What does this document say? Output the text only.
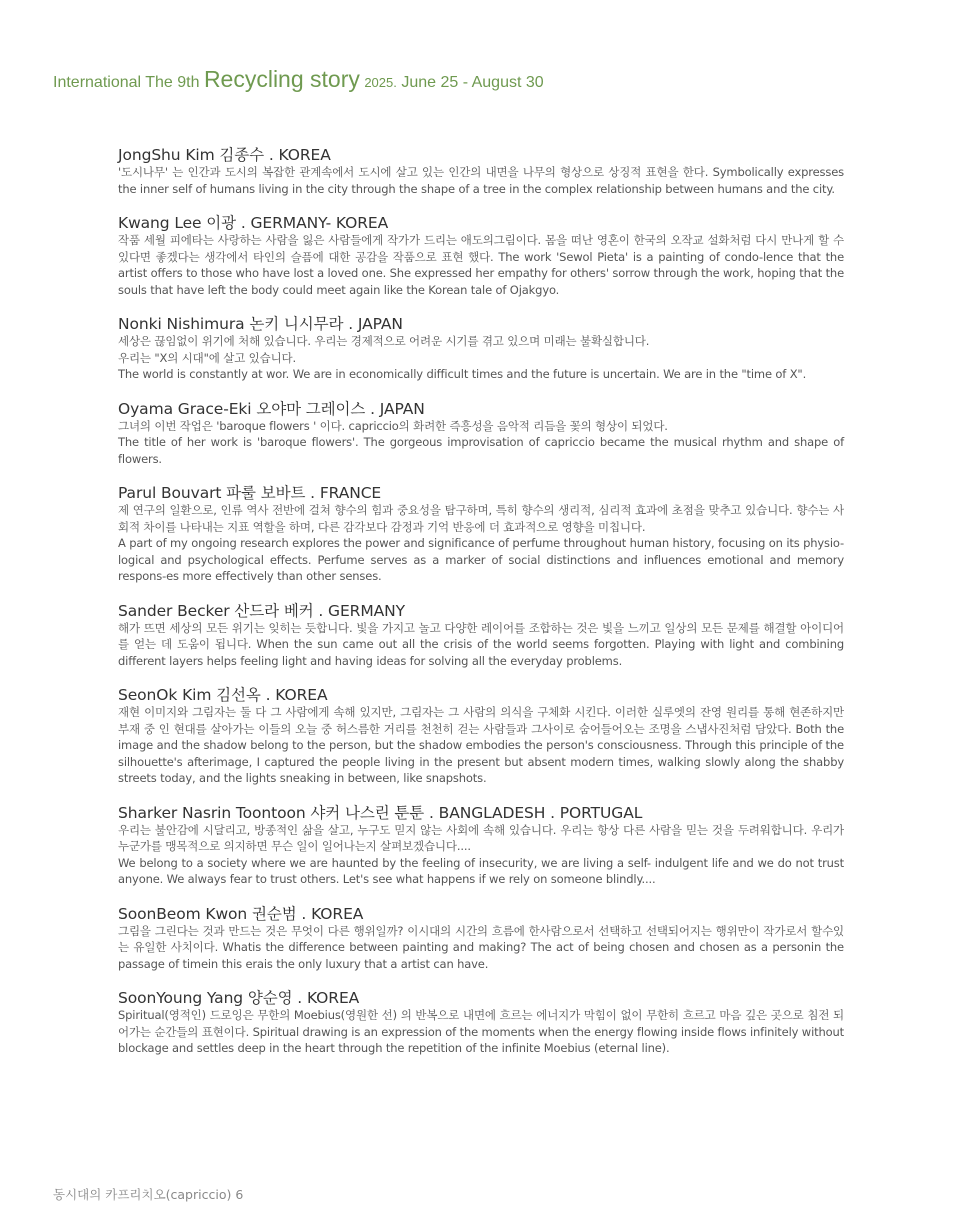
International The 9th Recycling story 2025. June 25 - August 30

JongShu Kim 김종수 . KOREA

'도시나무' 는 인간과 도시의 복잡한 관계속에서 도시에 살고 있는 인간의 내면을 나무의 형상으로 상징적 표현을 한다. Symbolically expresses the inner self of humans living in the city through the shape of a tree in the complex relationship between humans and the city.

Kwang Lee 이광 . GERMANY- KOREA

작품 세월 피에타는 사랑하는 사람을 잃은 사람들에게 작가가 드리는 애도의그림이다. 몸을 떠난 영혼이 한국의 오작교 설화처럼 다시 만나게 할 수 있다면 좋겠다는 생각에서 타인의 슬픔에 대한 공감을 작품으로 표현 했다. The work 'Sewol Pieta' is a painting of condo-lence that the artist offers to those who have lost a loved one. She expressed her empathy for others' sorrow through the work, hoping that the souls that have left the body could meet again like the Korean tale of Ojakgyo.

Nonki Nishimura 논키 니시무라 . JAPAN

세상은 끊임없이 위기에 처해 있습니다. 우리는 경제적으로 어려운 시기를 겪고 있으며 미래는 불확실합니다.

우리는 "X의 시대"에 살고 있습니다.

The world is constantly at wor. We are in economically difficult times and the future is uncertain. We are in the "time of X".

Oyama Grace-Eki 오야마 그레이스 . JAPAN

그녀의 이번 작업은 'baroque flowers ' 이다. capriccio의 화려한 즉흥성을 음악적 리듬을 꽃의 형상이 되었다.

The title of her work is 'baroque flowers'. The gorgeous improvisation of capriccio became the musical rhythm and shape of flowers.

Parul Bouvart 파룰 보바트 . FRANCE

제 연구의 일환으로, 인류 역사 전반에 걸쳐 향수의 힘과 중요성을 탐구하며, 특히 향수의 생리적, 심리적 효과에 초점을 맞추고 있습니다. 향수는 사회적 차이를 나타내는 지표 역할을 하며, 다른 감각보다 감정과 기억 반응에 더 효과적으로 영향을 미칩니다.

A part of my ongoing research explores the power and significance of perfume throughout human history, focusing on its physio-logical and psychological effects. Perfume serves as a marker of social distinctions and influences emotional and memory respons-es more effectively than other senses.

Sander Becker 산드라 베커 . GERMANY

해가 뜨면 세상의 모든 위기는 잊히는 듯합니다. 빛을 가지고 놀고 다양한 레이어를 조합하는 것은 빛을 느끼고 일상의 모든 문제를 해결할 아이디어를 얻는 데 도움이 됩니다. When the sun came out all the crisis of the world seems forgotten. Playing with light and combining different layers helps feeling light and having ideas for solving all the everyday problems.

SeonOk Kim 김선옥 . KOREA

재현 이미지와 그림자는 둘 다 그 사람에게 속해 있지만, 그림자는 그 사람의 의식을 구체화 시킨다. 이러한 실루엣의 잔영 원리를 통해 현존하지만 부재 중 인 현대를 살아가는 이들의 오늘 중 허스름한 거리를 천천히 걷는 사람들과 그사이로 숨어들어오는 조명을 스냅사진처럼 담았다. Both the image and the shadow belong to the person, but the shadow embodies the person's consciousness. Through this principle of the silhouette's afterimage, I captured the people living in the present but absent modern times, walking slowly along the shabby streets today, and the lights sneaking in between, like snapshots.

Sharker Nasrin Toontoon 샤커 나스린 툰툰 . BANGLADESH . PORTUGAL

우리는 불안감에 시달리고, 방종적인 삶을 살고, 누구도 믿지 않는 사회에 속해 있습니다. 우리는 항상 다른 사람을 믿는 것을 두려워합니다. 우리가 누군가를 맹목적으로 의지하면 무슨 일이 일어나는지 살펴보겠습니다....

We belong to a society where we are haunted by the feeling of insecurity, we are living a self- indulgent life and we do not trust anyone. We always fear to trust others. Let's see what happens if we rely on someone blindly....

SoonBeom Kwon 권순범 . KOREA

그림을 그린다는 것과 만드는 것은 무엇이 다른 행위일까? 이시대의 시간의 흐름에 한사람으로서 선택하고 선택되어지는 행위만이 작가로서 할수있는 유일한 사치이다. Whatis the difference between painting and making? The act of being chosen and chosen as a personin the passage of timein this erais the only luxury that a artist can have.

SoonYoung Yang 양순영 . KOREA

Spiritual(영적인) 드로잉은 무한의 Moebius(영원한 선) 의 반복으로 내면에 흐르는 에너지가 막힘이 없이 무한히 흐르고 마음 깊은 곳으로 침전 되어가는 순간들의 표현이다. Spiritual drawing is an expression of the moments when the energy flowing inside flows infinitely without blockage and settles deep in the heart through the repetition of the infinite Moebius (eternal line).

동시대의 카프리치오(capriccio) 6
